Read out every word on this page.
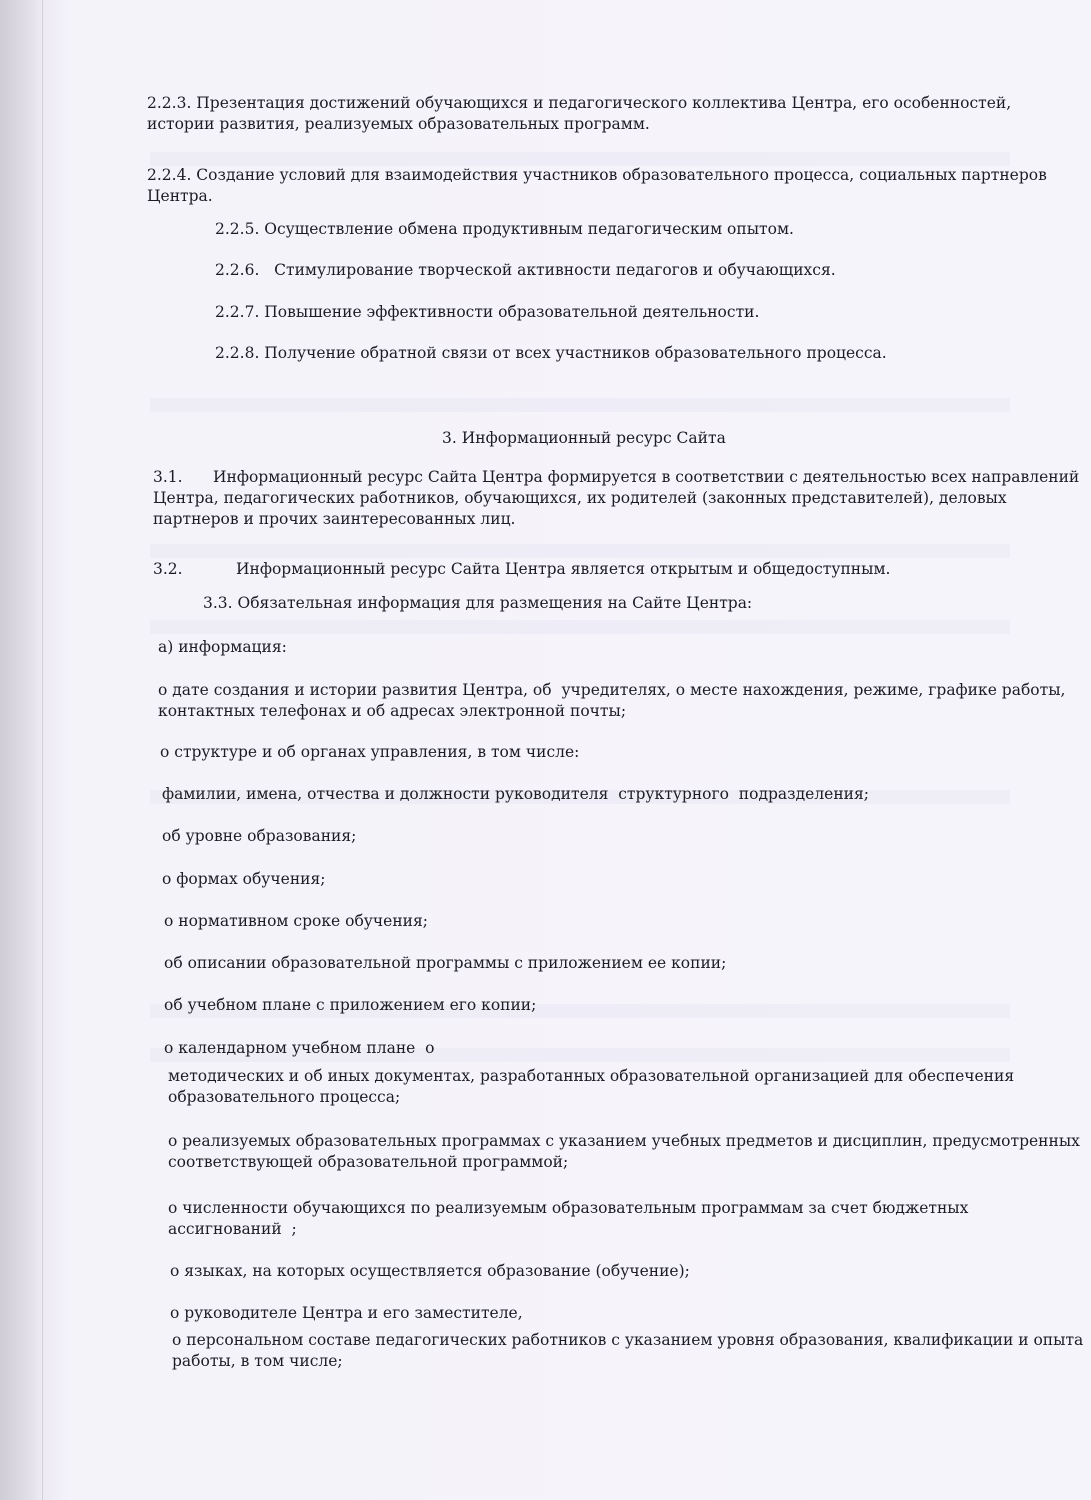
2.2.3. Презентация достижений обучающихся и педагогического коллектива Центра, его особенностей,

истории развития, реализуемых образовательных программ.

2.2.4. Создание условий для взаимодействия участников образовательного процесса, социальных партнеров

Центра.

2.2.5. Осуществление обмена продуктивным педагогическим опытом.

2.2.6.   Стимулирование творческой активности педагогов и обучающихся.

2.2.7. Повышение эффективности образовательной деятельности.

2.2.8. Получение обратной связи от всех участников образовательного процесса.

3. Информационный ресурс Сайта

3.1. Информационный ресурс Сайта Центра формируется в соответствии с деятельностью всех направлений

Центра, педагогических работников, обучающихся, их родителей (законных представителей), деловых

партнеров и прочих заинтересованных лиц.

3.2.	Информационный ресурс Сайта Центра является открытым и общедоступным.

3.3. Обязательная информация для размещения на Сайте Центра:

а) информация:

о дате создания и истории развития Центра, об  учредителях, о месте нахождения, режиме, графике работы,

контактных телефонах и об адресах электронной почты;

о структуре и об органах управления, в том числе:

фамилии, имена, отчества и должности руководителя  структурного  подразделения;

об уровне образования;

о формах обучения;

о нормативном сроке обучения;

об описании образовательной программы с приложением ее копии;

об учебном плане с приложением его копии;

о календарном учебном плане  о

методических и об иных документах, разработанных образовательной организацией для обеспечения

образовательного процесса;

о реализуемых образовательных программах с указанием учебных предметов и дисциплин, предусмотренных

соответствующей образовательной программой;

о численности обучающихся по реализуемым образовательным программам за счет бюджетных

ассигнований  ;

о языках, на которых осуществляется образование (обучение);

о руководителе Центра и его заместителе,

о персональном составе педагогических работников с указанием уровня образования, квалификации и опыта

работы, в том числе;
